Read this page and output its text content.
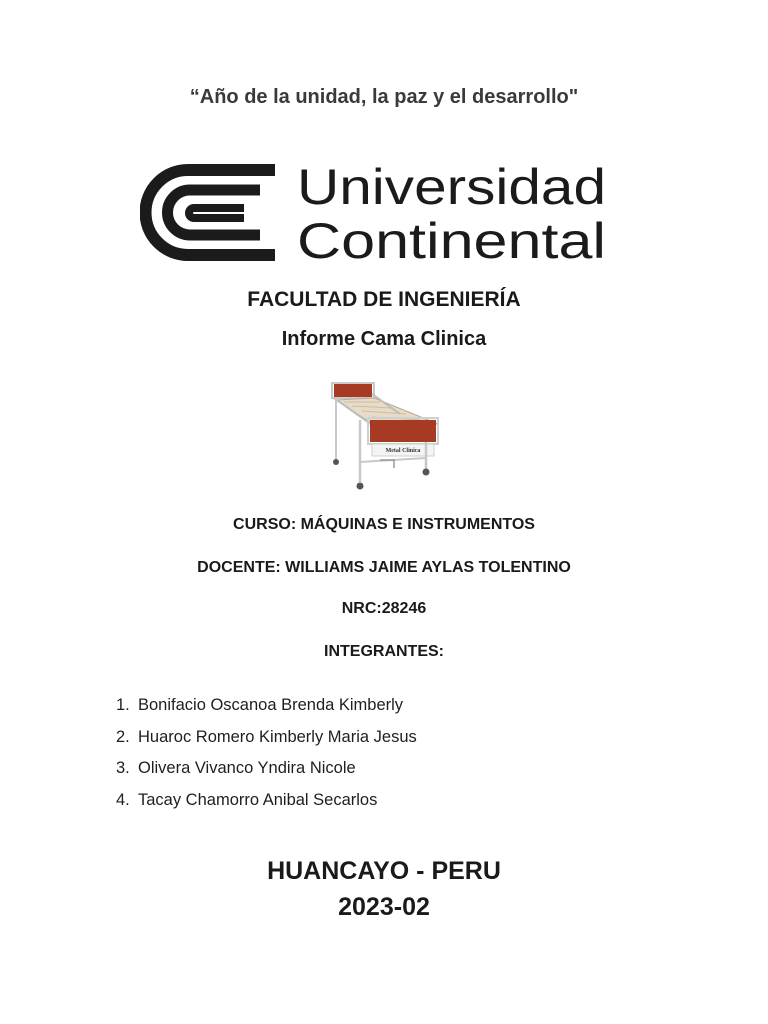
“Año de la unidad, la paz y el desarrollo"
Universidad
Continental
FACULTAD DE INGENIERÍA
Informe Cama Clinica
Metal Clinica
CURSO: MÁQUINAS E INSTRUMENTOS
DOCENTE: WILLIAMS JAIME AYLAS TOLENTINO
NRC:28246
INTEGRANTES:
1. Bonifacio Oscanoa Brenda Kimberly
2. Huaroc Romero Kimberly Maria Jesus
3. Olivera Vivanco Yndira Nicole
4. Tacay Chamorro Anibal Secarlos
HUANCAYO - PERU
2023-02
